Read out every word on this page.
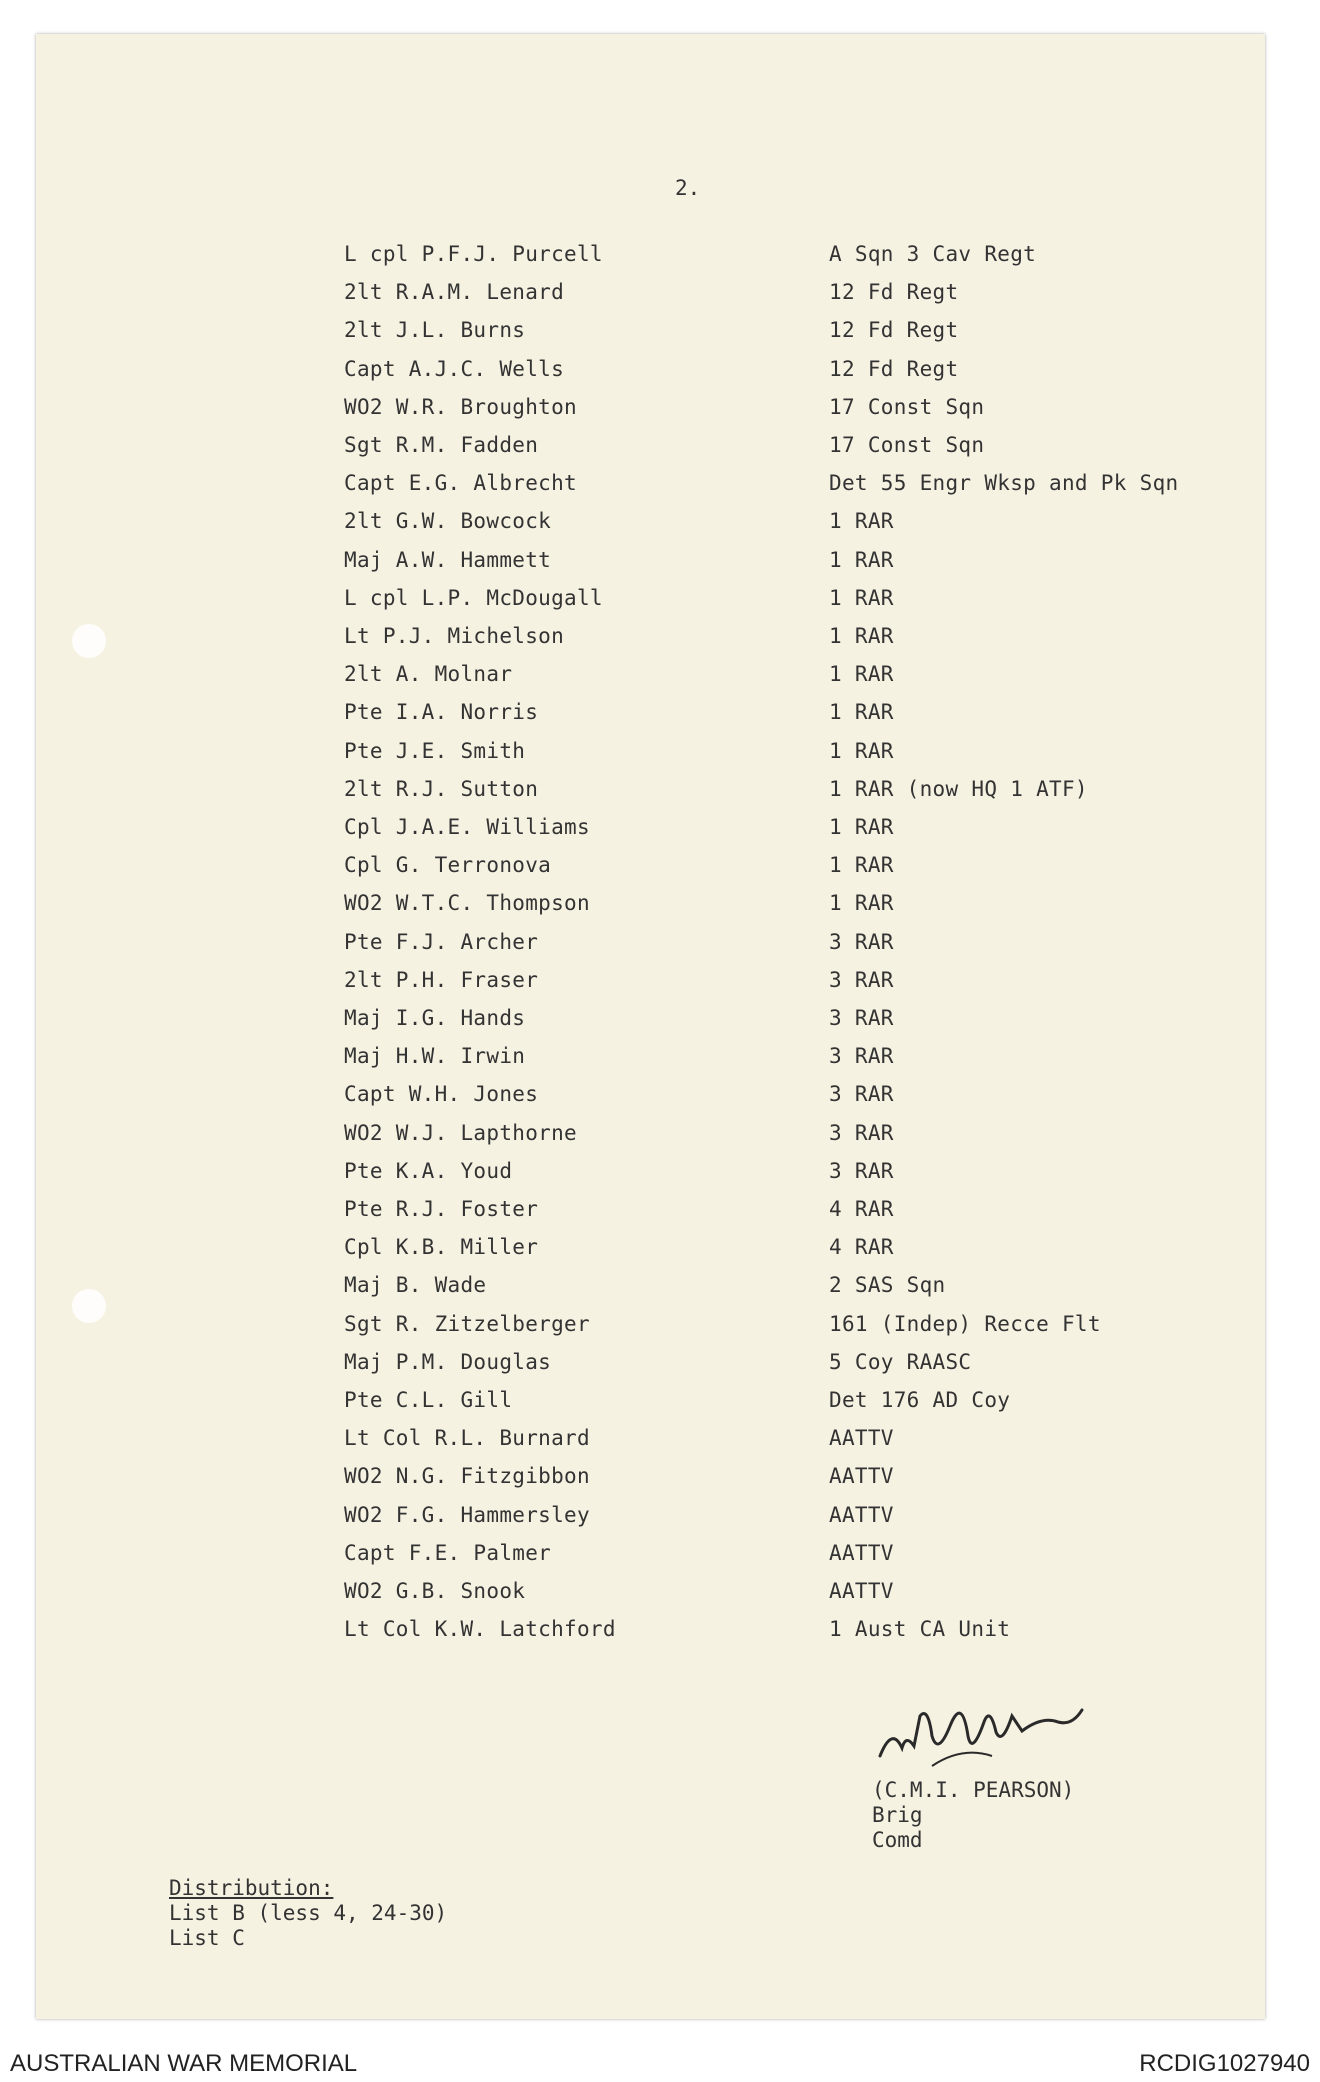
2.
L cpl P.F.J. Purcell	A Sqn 3 Cav Regt
2lt R.A.M. Lenard	12 Fd Regt
2lt J.L. Burns	12 Fd Regt
Capt A.J.C. Wells	12 Fd Regt
WO2 W.R. Broughton	17 Const Sqn
Sgt R.M. Fadden	17 Const Sqn
Capt E.G. Albrecht	Det 55 Engr Wksp and Pk Sqn
2lt G.W. Bowcock	1 RAR
Maj A.W. Hammett	1 RAR
L cpl L.P. McDougall	1 RAR
Lt P.J. Michelson	1 RAR
2lt A. Molnar	1 RAR
Pte I.A. Norris	1 RAR
Pte J.E. Smith	1 RAR
2lt R.J. Sutton	1 RAR (now HQ 1 ATF)
Cpl J.A.E. Williams	1 RAR
Cpl G. Terronova	1 RAR
WO2 W.T.C. Thompson	1 RAR
Pte F.J. Archer	3 RAR
2lt P.H. Fraser	3 RAR
Maj I.G. Hands	3 RAR
Maj H.W. Irwin	3 RAR
Capt W.H. Jones	3 RAR
WO2 W.J. Lapthorne	3 RAR
Pte K.A. Youd	3 RAR
Pte R.J. Foster	4 RAR
Cpl K.B. Miller	4 RAR
Maj B. Wade	2 SAS Sqn
Sgt R. Zitzelberger	161 (Indep) Recce Flt
Maj P.M. Douglas	5 Coy RAASC
Pte C.L. Gill	Det 176 AD Coy
Lt Col R.L. Burnard	AATTV
WO2 N.G. Fitzgibbon	AATTV
WO2 F.G. Hammersley	AATTV
Capt F.E. Palmer	AATTV
WO2 G.B. Snook	AATTV
Lt Col K.W. Latchford	1 Aust CA Unit
(C.M.I. PEARSON)
Brig
Comd
Distribution:
List B (less 4, 24-30)
List C
AUSTRALIAN WAR MEMORIAL	RCDIG1027940
